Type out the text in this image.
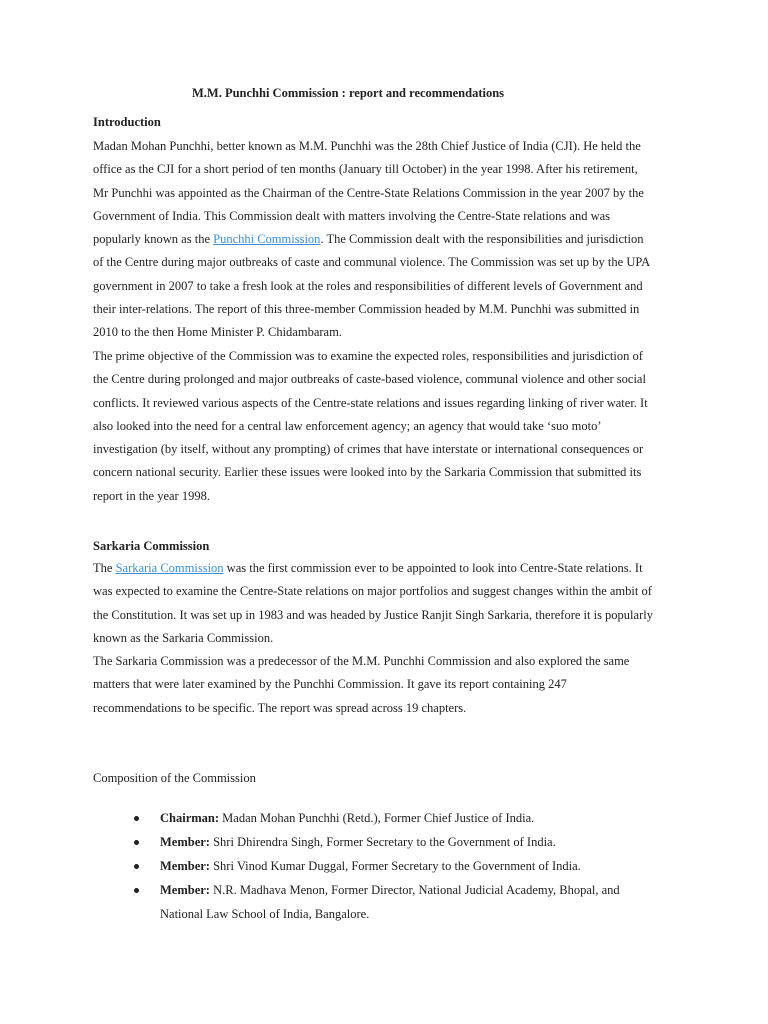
M.M. Punchhi Commission : report and recommendations
Introduction
Madan Mohan Punchhi, better known as M.M. Punchhi was the 28th Chief Justice of India (CJI). He held the
office as the CJI for a short period of ten months (January till October) in the year 1998. After his retirement,
Mr Punchhi was appointed as the Chairman of the Centre-State Relations Commission in the year 2007 by the
Government of India. This Commission dealt with matters involving the Centre-State relations and was
popularly known as the Punchhi Commission. The Commission dealt with the responsibilities and jurisdiction
of the Centre during major outbreaks of caste and communal violence. The Commission was set up by the UPA
government in 2007 to take a fresh look at the roles and responsibilities of different levels of Government and
their inter-relations. The report of this three-member Commission headed by M.M. Punchhi was submitted in
2010 to the then Home Minister P. Chidambaram.
The prime objective of the Commission was to examine the expected roles, responsibilities and jurisdiction of
the Centre during prolonged and major outbreaks of caste-based violence, communal violence and other social
conflicts. It reviewed various aspects of the Centre-state relations and issues regarding linking of river water. It
also looked into the need for a central law enforcement agency; an agency that would take ‘suo moto’
investigation (by itself, without any prompting) of crimes that have interstate or international consequences or
concern national security. Earlier these issues were looked into by the Sarkaria Commission that submitted its
report in the year 1998.
Sarkaria Commission
The Sarkaria Commission was the first commission ever to be appointed to look into Centre-State relations. It
was expected to examine the Centre-State relations on major portfolios and suggest changes within the ambit of
the Constitution. It was set up in 1983 and was headed by Justice Ranjit Singh Sarkaria, therefore it is popularly
known as the Sarkaria Commission.
The Sarkaria Commission was a predecessor of the M.M. Punchhi Commission and also explored the same
matters that were later examined by the Punchhi Commission. It gave its report containing 247
recommendations to be specific. The report was spread across 19 chapters.
Composition of the Commission
Chairman: Madan Mohan Punchhi (Retd.), Former Chief Justice of India.
Member: Shri Dhirendra Singh, Former Secretary to the Government of India.
Member: Shri Vinod Kumar Duggal, Former Secretary to the Government of India.
Member: N.R. Madhava Menon, Former Director, National Judicial Academy, Bhopal, and
National Law School of India, Bangalore.
